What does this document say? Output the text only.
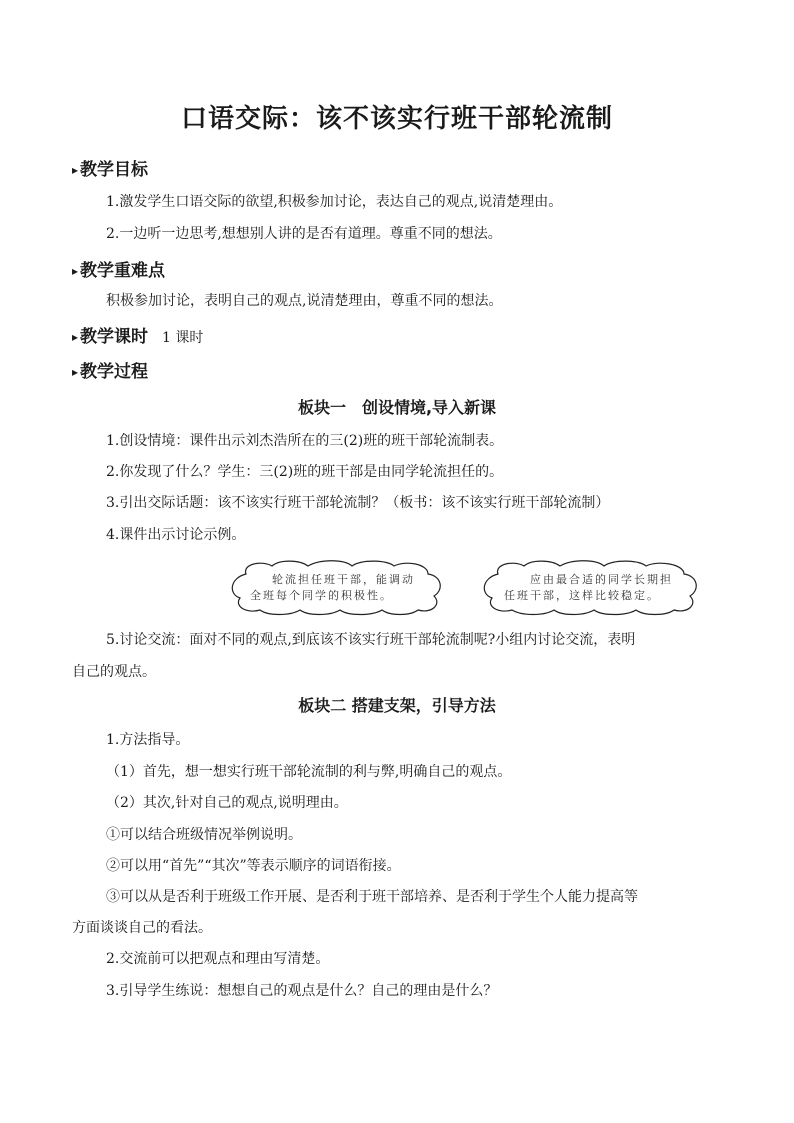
口语交际：该不该实行班干部轮流制
▸ 教学目标
1.激发学生口语交际的欲望,积极参加讨论，表达自己的观点,说清楚理由。
2.一边听一边思考,想想别人讲的是否有道理。尊重不同的想法。
▸ 教学重难点
积极参加讨论，表明自己的观点,说清楚理由，尊重不同的想法。
▸ 教学课时 1 课时
▸ 教学过程
板块一　创设情境,导入新课
1.创设情境：课件出示刘杰浩所在的三(2)班的班干部轮流制表。
2.你发现了什么？学生：三(2)班的班干部是由同学轮流担任的。
3.引出交际话题：该不该实行班干部轮流制？（板书：该不该实行班干部轮流制）
4.课件出示讨论示例。
轮流担任班干部，能调动
全班每个同学的积极性。
应由最合适的同学长期担
任班干部，这样比较稳定。
5.讨论交流：面对不同的观点,到底该不该实行班干部轮流制呢?小组内讨论交流，表明
自己的观点。
板块二 搭建支架，引导方法
1.方法指导。
（1）首先，想一想实行班干部轮流制的利与弊,明确自己的观点。
（2）其次,针对自己的观点,说明理由。
①可以结合班级情况举例说明。
②可以用“首先”“其次”等表示顺序的词语衔接。
③可以从是否利于班级工作开展、是否利于班干部培养、是否利于学生个人能力提高等
方面谈谈自己的看法。
2.交流前可以把观点和理由写清楚。
3.引导学生练说：想想自己的观点是什么？自己的理由是什么？
